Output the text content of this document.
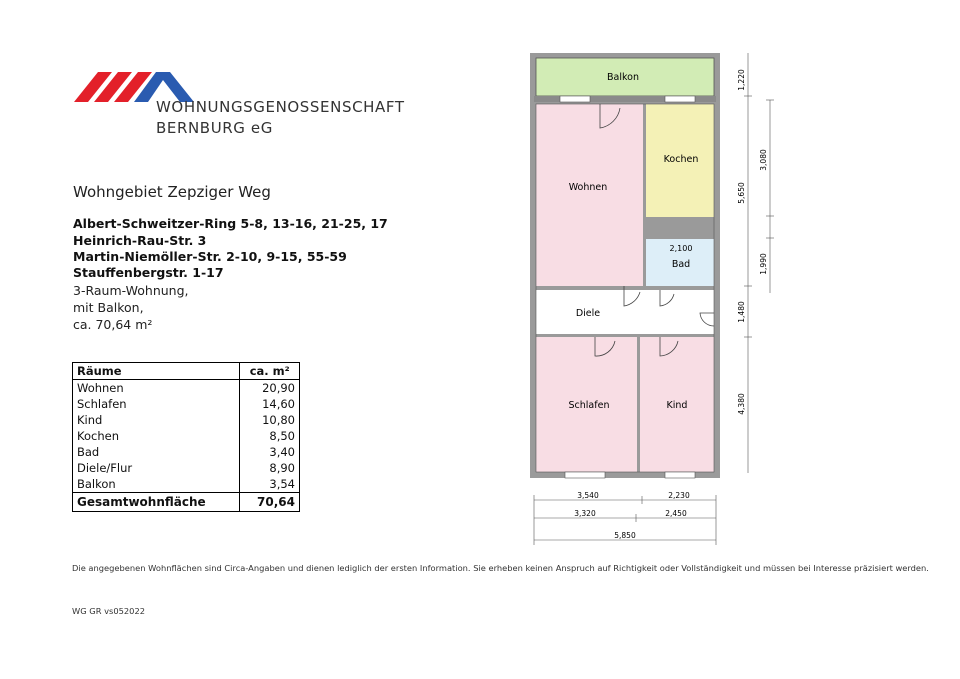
WOHNUNGSGENOSSENSCHAFT
BERNBURG eG
Wohngebiet Zepziger Weg
Albert-Schweitzer-Ring 5-8, 13-16, 21-25, 17
Heinrich-Rau-Str. 3
Martin-Niemöller-Str. 2-10, 9-15, 55-59
Stauffenbergstr. 1-17
3-Raum-Wohnung,
mit Balkon,
ca. 70,64 m²
Räume	ca. m²
Wohnen	20,90
Schlafen	14,60
Kind	10,80
Kochen	8,50
Bad	3,40
Diele/Flur	8,90
Balkon	3,54
Gesamtwohnfläche	70,64
Balkon
Wohnen
Kochen
2,100
Bad
Diele
Schlafen	Kind
1,220
3,080
5,650
1,990
1,480
4,380
3,540	2,230
3,320	2,450
5,850
Die angegebenen Wohnflächen sind Circa-Angaben und dienen lediglich der ersten Information. Sie erheben keinen Anspruch auf Richtigkeit oder Vollständigkeit und müssen bei Interesse präzisiert werden.
WG GR vs052022
